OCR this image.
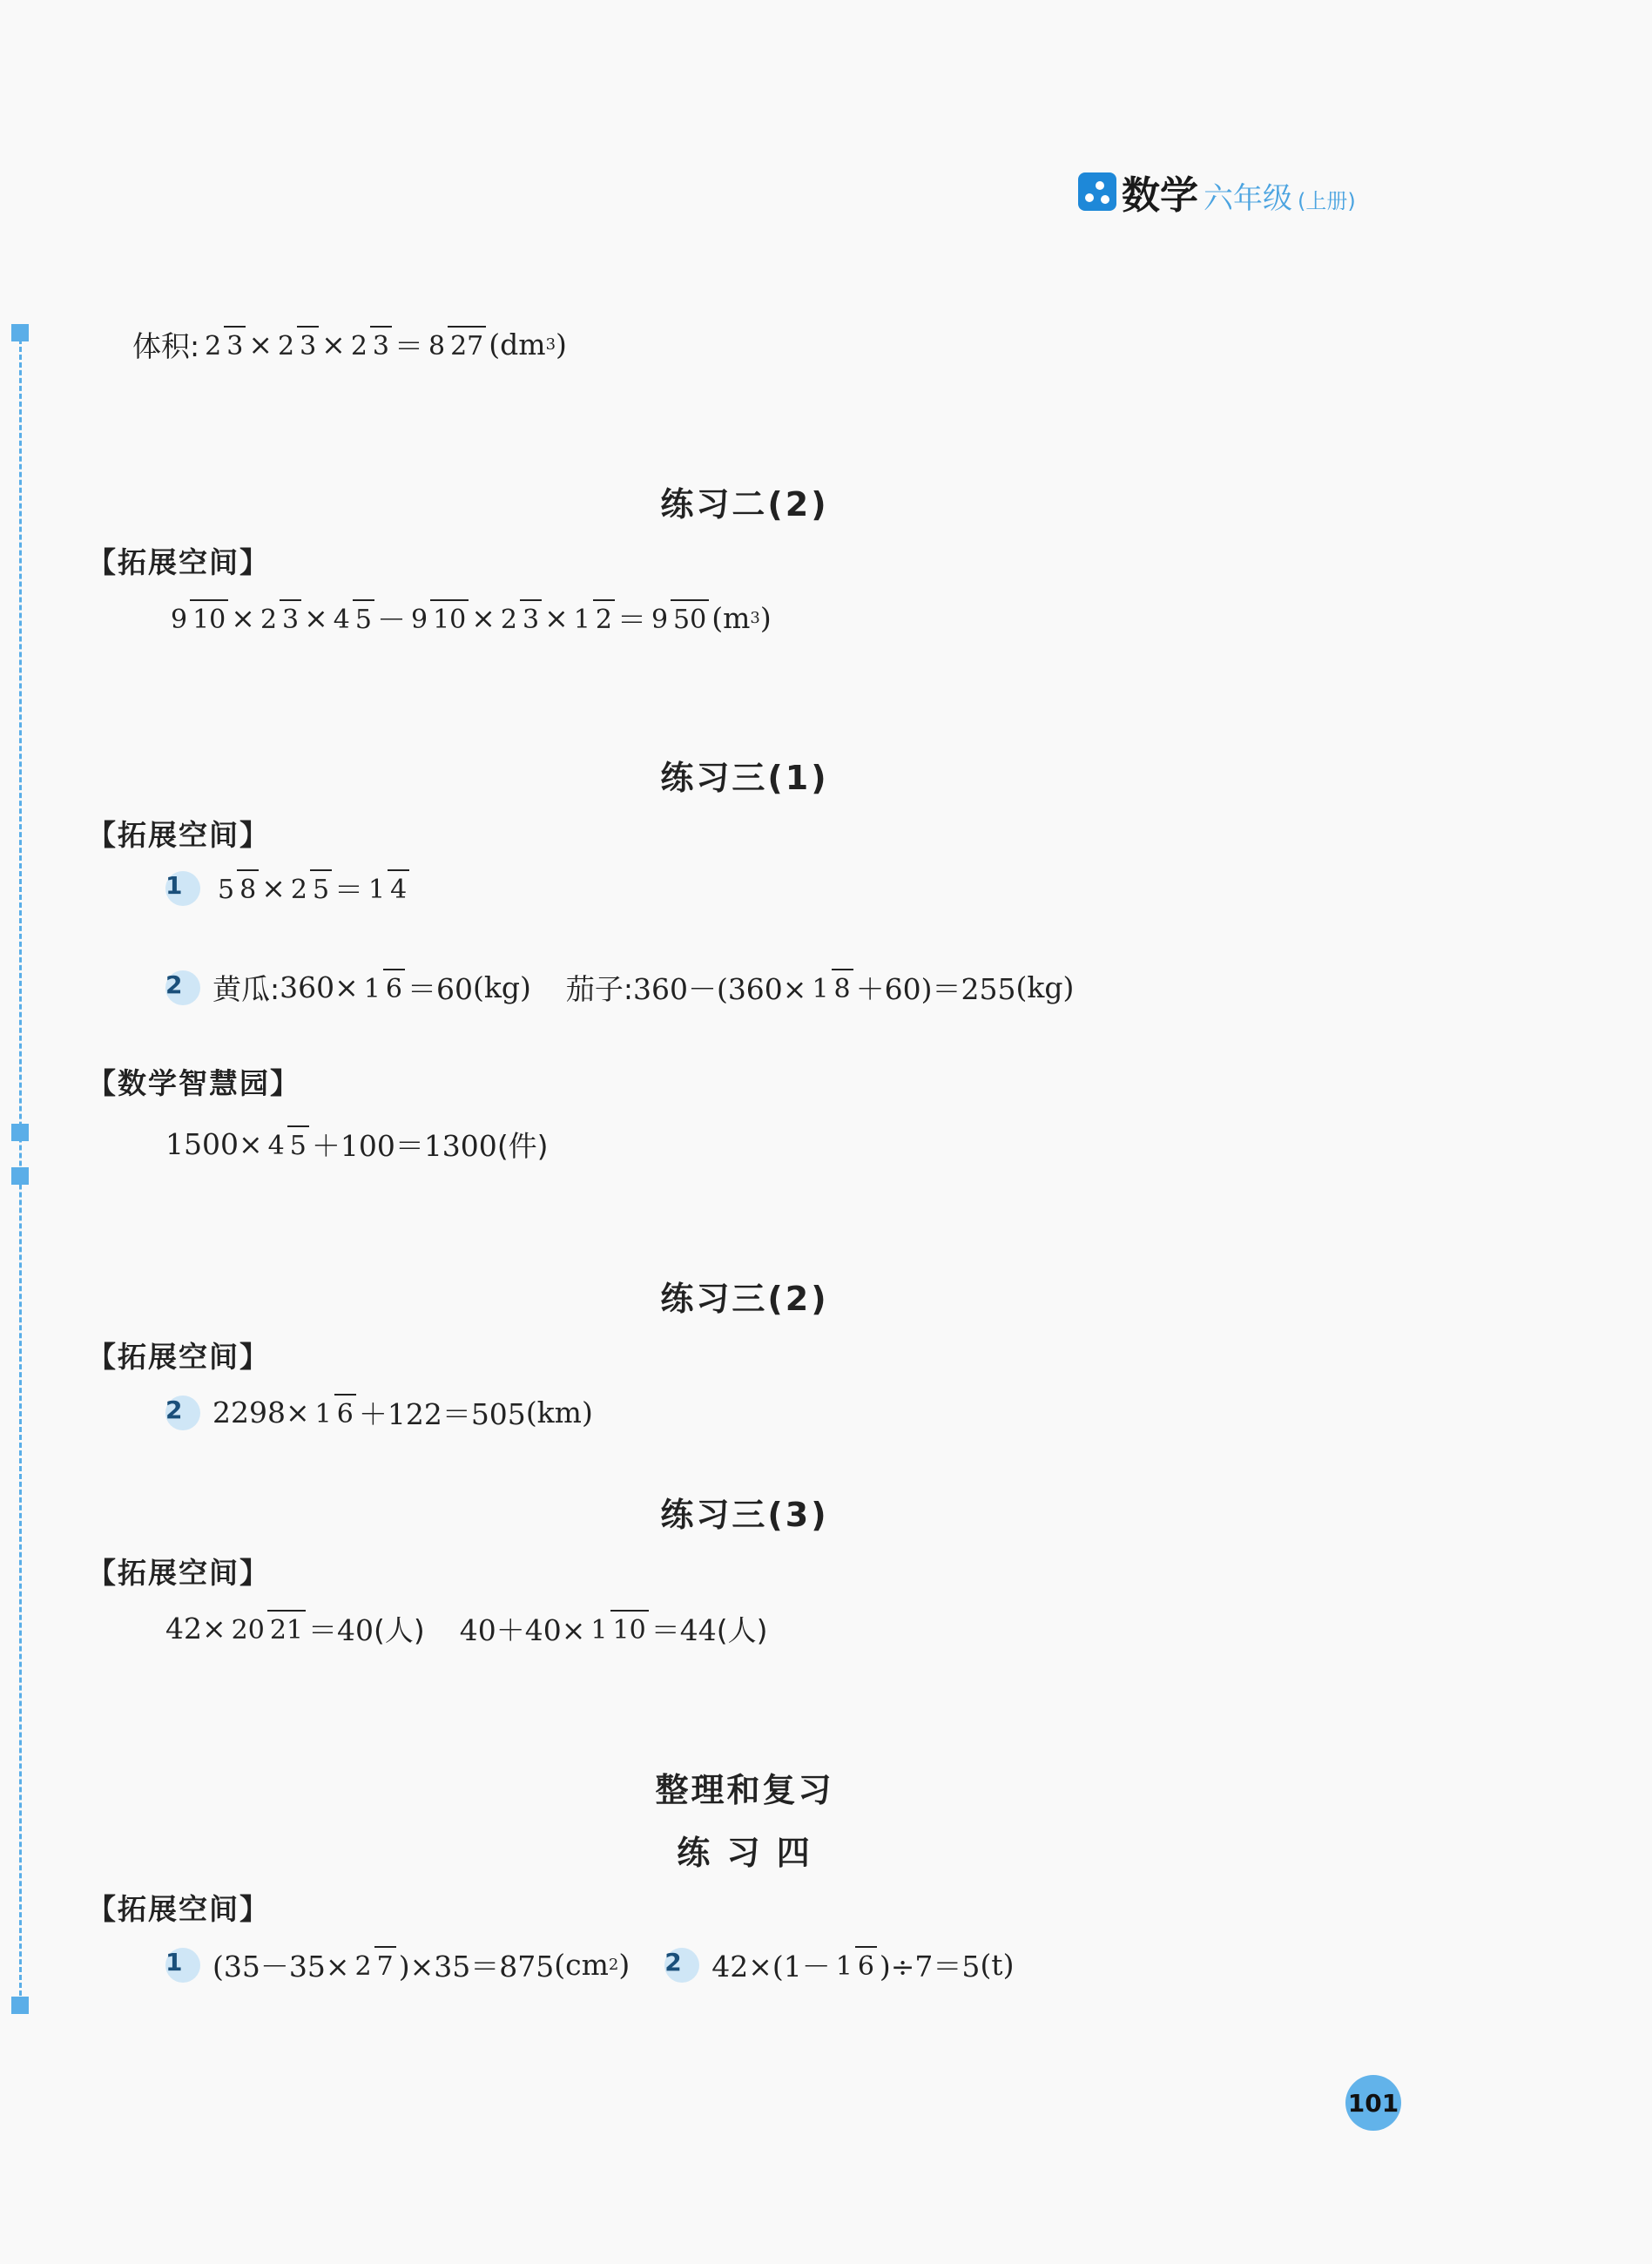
数学 六年级 (上册)
体积: 2 3 × 2 3 × 2 3 ＝ 8 27 (dm 3 )
练习二(2)
【拓展空间】
9 10 × 2 3 × 4 5 － 9 10 × 2 3 × 1 2 ＝ 9 50 (m 3 )
练习三(1)
【拓展空间】
1	5 8 × 2 5 ＝ 1 4
2	黄瓜: 360× 1 6 ＝60 (kg) 茄子: 360－(360× 1 8 ＋60)＝255 (kg)
【数学智慧园】
1500× 4 5 ＋100＝1300 (件)
练习三(2)
【拓展空间】
2	2298× 1 6 ＋122＝505 (km)
练习三(3)
【拓展空间】
42× 20 21 ＝40 (人) 40＋40× 1 10 ＝44 (人)
整理和复习
练 习 四
【拓展空间】
1	(35－35× 2 7 )×35＝875 (cm 2 ) 2	42×(1－ 1 6 )÷7＝5 (t)
101
